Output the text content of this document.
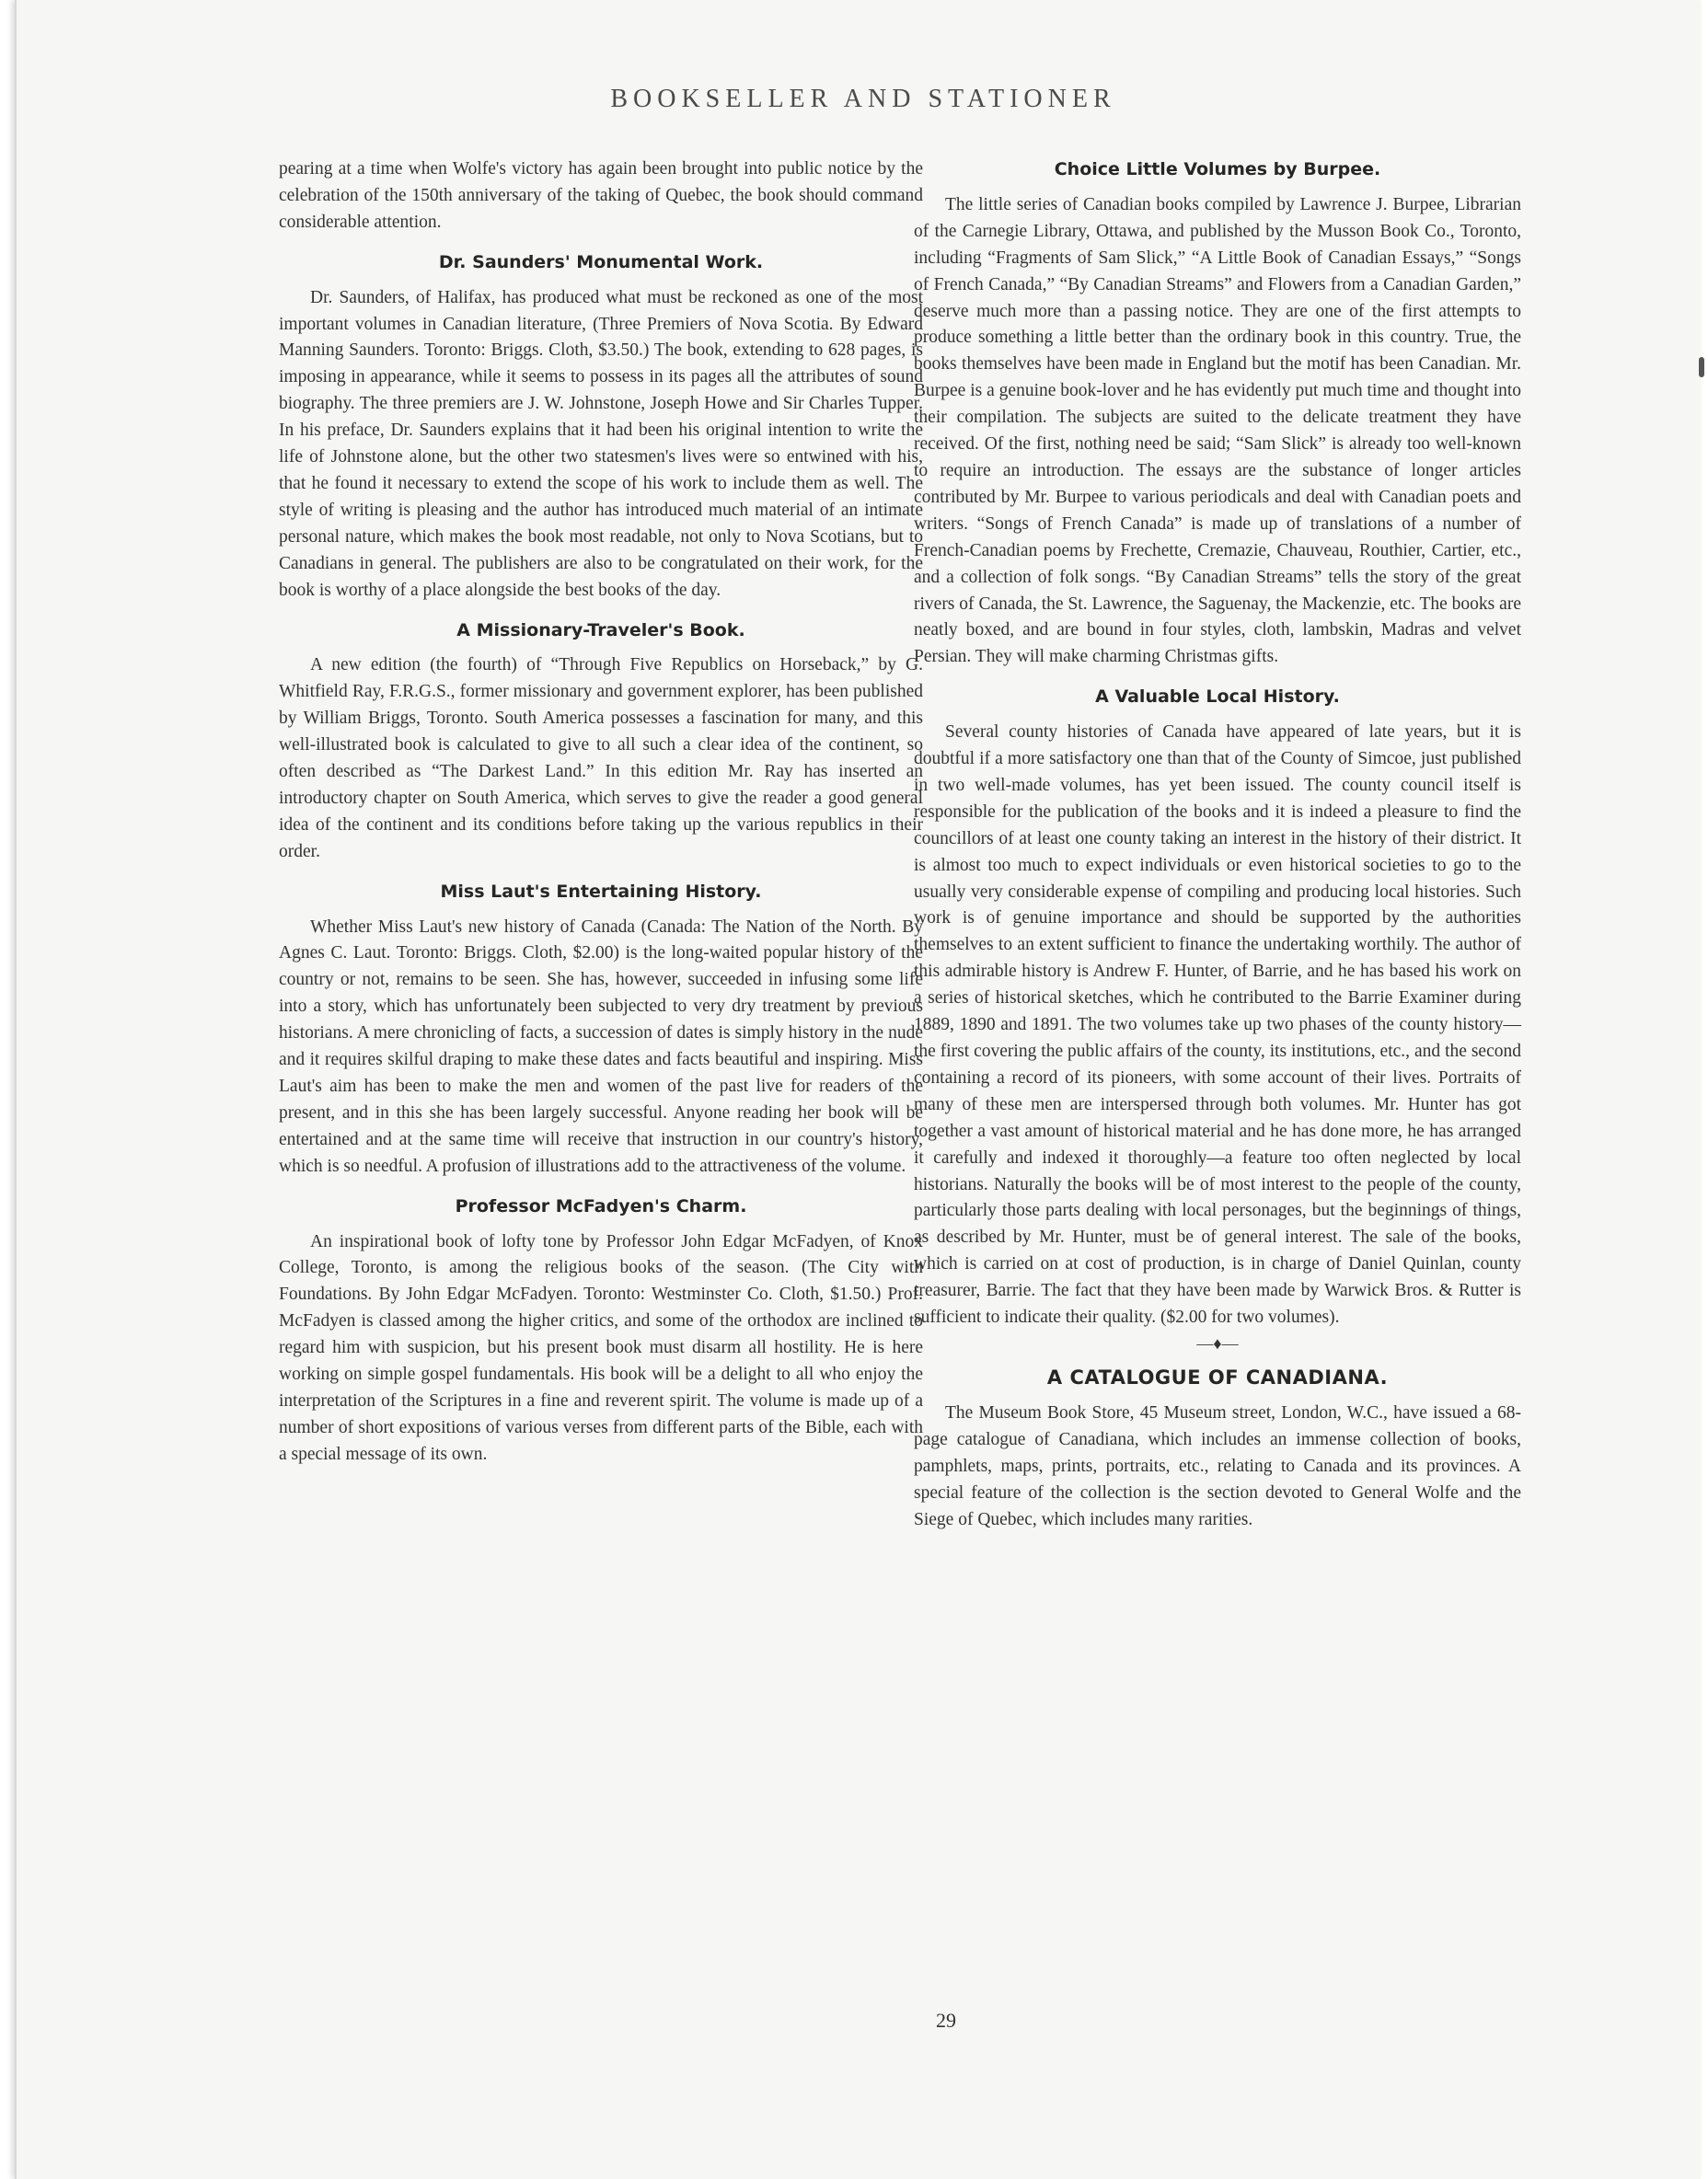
BOOKSELLER AND STATIONER

pearing at a time when Wolfe's victory has again been brought into public notice by the celebration of the 150th anniversary of the taking of Quebec, the book should command considerable attention.

Dr. Saunders' Monumental Work.

Dr. Saunders, of Halifax, has produced what must be reckoned as one of the most important volumes in Canadian literature, (Three Premiers of Nova Scotia. By Edward Manning Saunders. Toronto: Briggs. Cloth, $3.50.) The book, extending to 628 pages, is imposing in appearance, while it seems to possess in its pages all the attributes of sound biography. The three premiers are J. W. Johnstone, Joseph Howe and Sir Charles Tupper. In his preface, Dr. Saunders explains that it had been his original intention to write the life of Johnstone alone, but the other two statesmen's lives were so entwined with his, that he found it necessary to extend the scope of his work to include them as well. The style of writing is pleasing and the author has introduced much material of an intimate personal nature, which makes the book most readable, not only to Nova Scotians, but to Canadians in general. The publishers are also to be congratulated on their work, for the book is worthy of a place alongside the best books of the day.

A Missionary-Traveler's Book.

A new edition (the fourth) of “Through Five Republics on Horseback,” by G. Whitfield Ray, F.R.G.S., former missionary and government explorer, has been published by William Briggs, Toronto. South America possesses a fascination for many, and this well-illustrated book is calculated to give to all such a clear idea of the continent, so often described as “The Darkest Land.” In this edition Mr. Ray has inserted an introductory chapter on South America, which serves to give the reader a good general idea of the continent and its conditions before taking up the various republics in their order.

Miss Laut's Entertaining History.

Whether Miss Laut's new history of Canada (Canada: The Nation of the North. By Agnes C. Laut. Toronto: Briggs. Cloth, $2.00) is the long-waited popular history of the country or not, remains to be seen. She has, however, succeeded in infusing some life into a story, which has unfortunately been subjected to very dry treatment by previous historians. A mere chronicling of facts, a succession of dates is simply history in the nude and it requires skilful draping to make these dates and facts beautiful and inspiring. Miss Laut's aim has been to make the men and women of the past live for readers of the present, and in this she has been largely successful. Anyone reading her book will be entertained and at the same time will receive that instruction in our country's history, which is so needful. A profusion of illustrations add to the attractiveness of the volume.

Professor McFadyen's Charm.

An inspirational book of lofty tone by Professor John Edgar McFadyen, of Knox College, Toronto, is among the religious books of the season. (The City with Foundations. By John Edgar McFadyen. Toronto: Westminster Co. Cloth, $1.50.) Prof. McFadyen is classed among the higher critics, and some of the orthodox are inclined to regard him with suspicion, but his present book must disarm all hostility. He is here working on simple gospel fundamentals. His book will be a delight to all who enjoy the interpretation of the Scriptures in a fine and reverent spirit. The volume is made up of a number of short expositions of various verses from different parts of the Bible, each with a special message of its own.

Choice Little Volumes by Burpee.

The little series of Canadian books compiled by Lawrence J. Burpee, Librarian of the Carnegie Library, Ottawa, and published by the Musson Book Co., Toronto, including “Fragments of Sam Slick,” “A Little Book of Canadian Essays,” “Songs of French Canada,” “By Canadian Streams” and Flowers from a Canadian Garden,” deserve much more than a passing notice. They are one of the first attempts to produce something a little better than the ordinary book in this country. True, the books themselves have been made in England but the motif has been Canadian. Mr. Burpee is a genuine book-lover and he has evidently put much time and thought into their compilation. The subjects are suited to the delicate treatment they have received. Of the first, nothing need be said; “Sam Slick” is already too well-known to require an introduction. The essays are the substance of longer articles contributed by Mr. Burpee to various periodicals and deal with Canadian poets and writers. “Songs of French Canada” is made up of translations of a number of French-Canadian poems by Frechette, Cremazie, Chauveau, Routhier, Cartier, etc., and a collection of folk songs. “By Canadian Streams” tells the story of the great rivers of Canada, the St. Lawrence, the Saguenay, the Mackenzie, etc. The books are neatly boxed, and are bound in four styles, cloth, lambskin, Madras and velvet Persian. They will make charming Christmas gifts.

A Valuable Local History.

Several county histories of Canada have appeared of late years, but it is doubtful if a more satisfactory one than that of the County of Simcoe, just published in two well-made volumes, has yet been issued. The county council itself is responsible for the publication of the books and it is indeed a pleasure to find the councillors of at least one county taking an interest in the history of their district. It is almost too much to expect individuals or even historical societies to go to the usually very considerable expense of compiling and producing local histories. Such work is of genuine importance and should be supported by the authorities themselves to an extent sufficient to finance the undertaking worthily. The author of this admirable history is Andrew F. Hunter, of Barrie, and he has based his work on a series of historical sketches, which he contributed to the Barrie Examiner during 1889, 1890 and 1891. The two volumes take up two phases of the county history—the first covering the public affairs of the county, its institutions, etc., and the second containing a record of its pioneers, with some account of their lives. Portraits of many of these men are interspersed through both volumes. Mr. Hunter has got together a vast amount of historical material and he has done more, he has arranged it carefully and indexed it thoroughly—a feature too often neglected by local historians. Naturally the books will be of most interest to the people of the county, particularly those parts dealing with local personages, but the beginnings of things, as described by Mr. Hunter, must be of general interest. The sale of the books, which is carried on at cost of production, is in charge of Daniel Quinlan, county treasurer, Barrie. The fact that they have been made by Warwick Bros. & Rutter is sufficient to indicate their quality. ($2.00 for two volumes).

—♦—
A CATALOGUE OF CANADIANA.

The Museum Book Store, 45 Museum street, London, W.C., have issued a 68-page catalogue of Canadiana, which includes an immense collection of books, pamphlets, maps, prints, portraits, etc., relating to Canada and its provinces. A special feature of the collection is the section devoted to General Wolfe and the Siege of Quebec, which includes many rarities.

29
